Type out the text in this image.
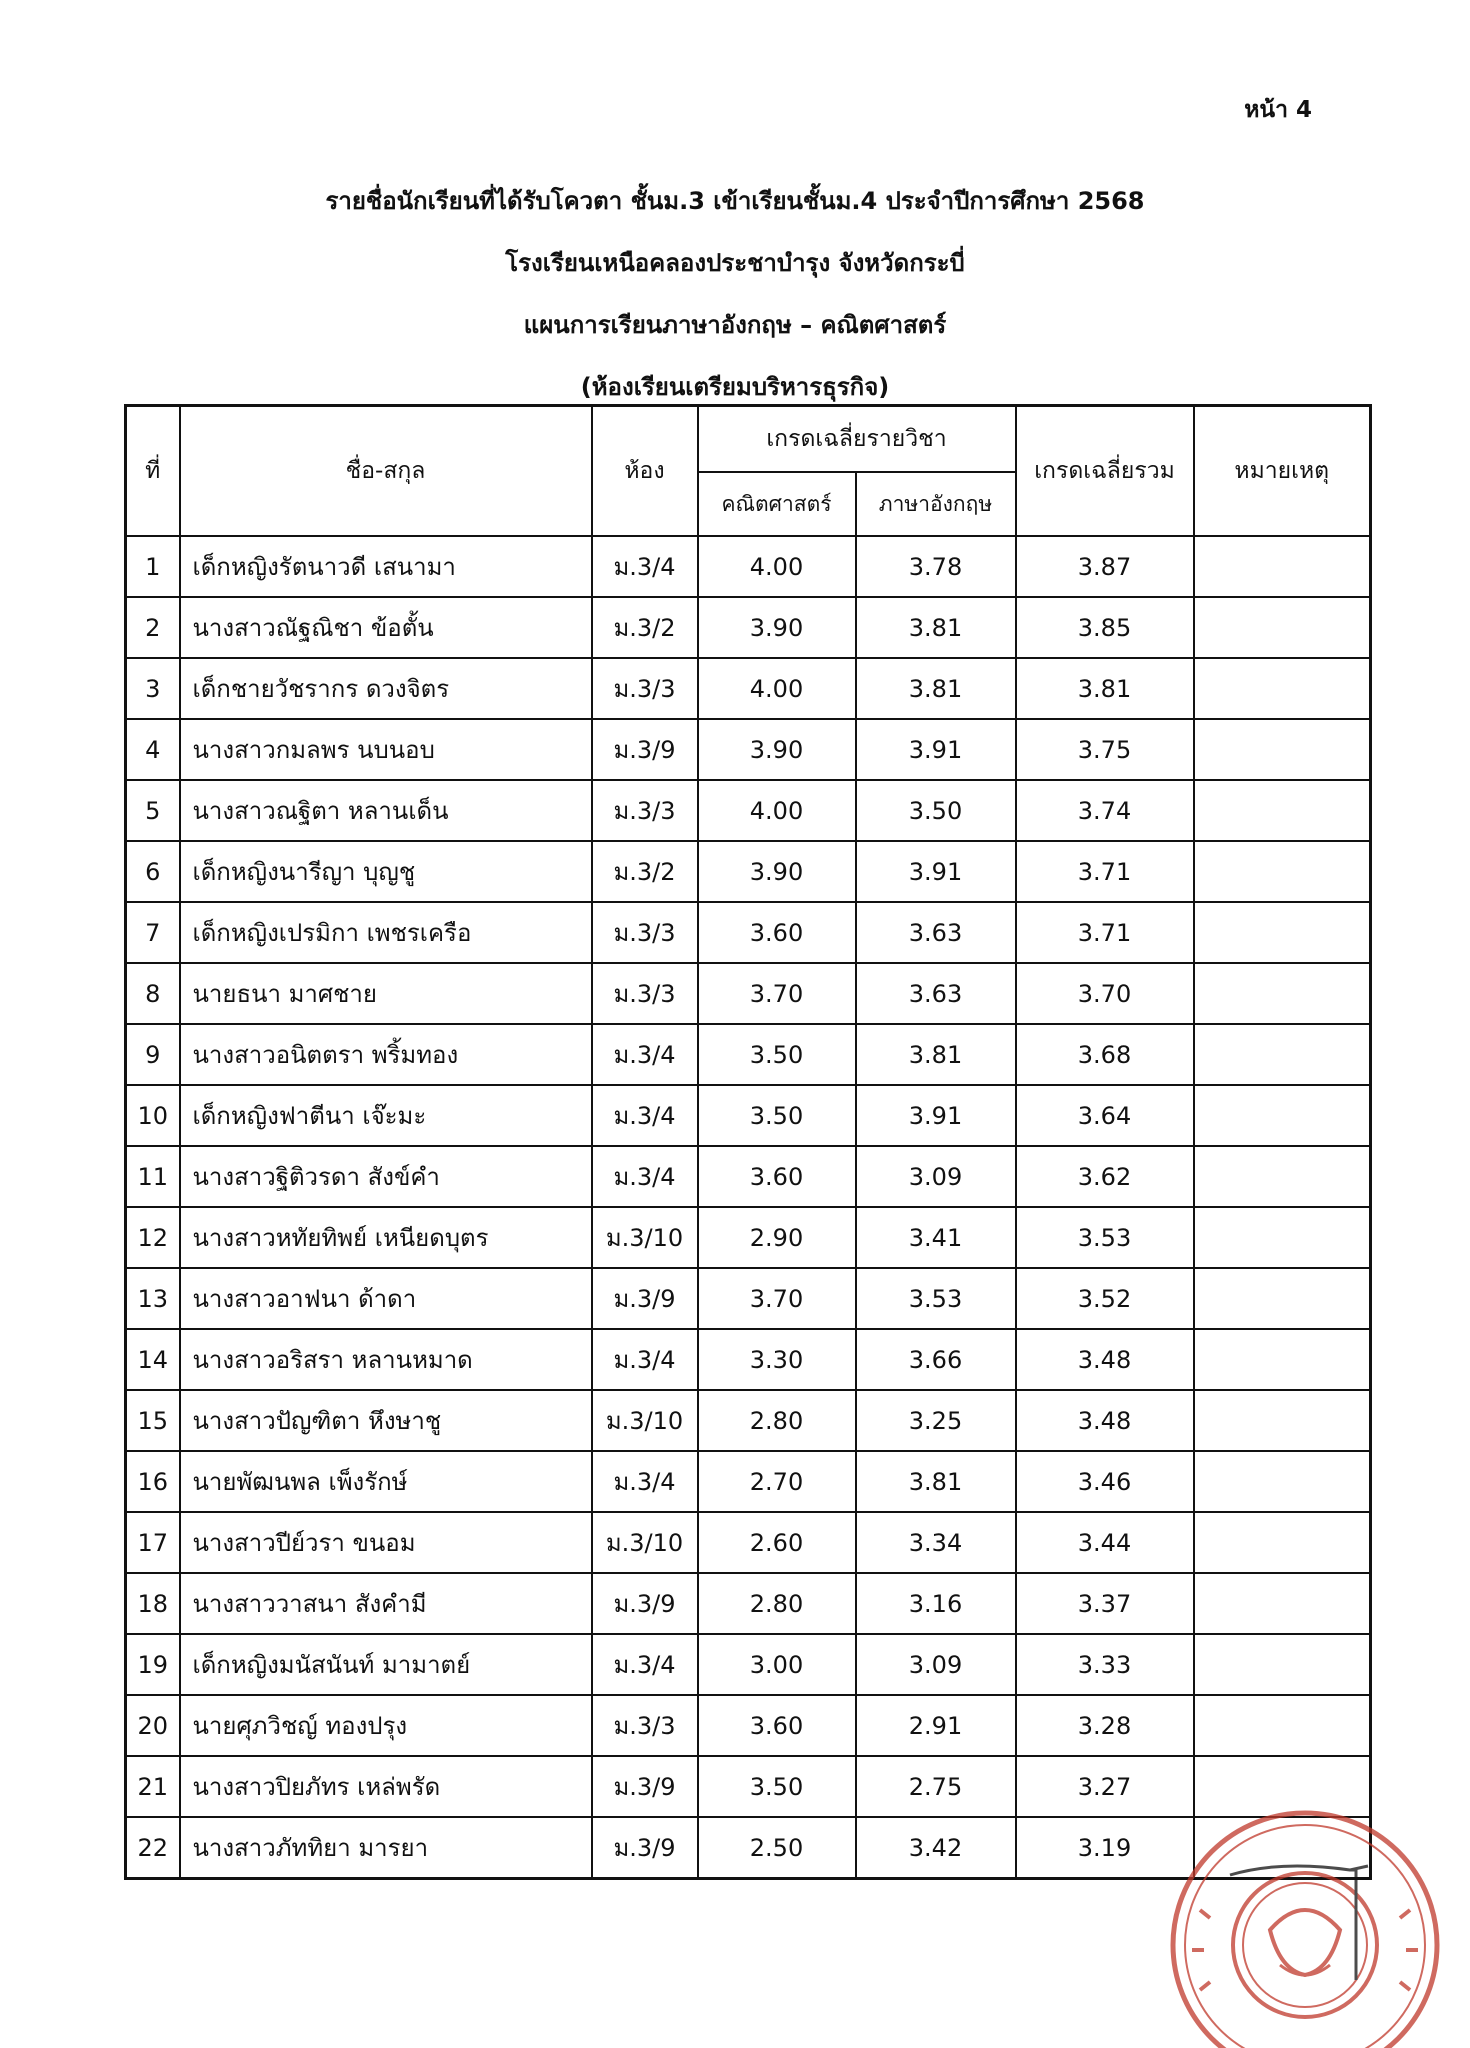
หน้า 4
รายชื่อนักเรียนที่ได้รับโควตา ชั้นม.3 เข้าเรียนชั้นม.4 ประจำปีการศึกษา 2568
โรงเรียนเหนือคลองประชาบำรุง จังหวัดกระบี่
แผนการเรียนภาษาอังกฤษ – คณิตศาสตร์
(ห้องเรียนเตรียมบริหารธุรกิจ)
ที่	ชื่อ-สกุล	ห้อง	เกรดเฉลี่ยรายวิชา		เกรดเฉลี่ยรวม	หมายเหตุ
			คณิตศาสตร์	ภาษาอังกฤษ		
1	เด็กหญิงรัตนาวดี เสนามา	ม.3/4	4.00	3.78	3.87	
2	นางสาวณัฐณิชา ข้อตั้น	ม.3/2	3.90	3.81	3.85	
3	เด็กชายวัชรากร ดวงจิตร	ม.3/3	4.00	3.81	3.81	
4	นางสาวกมลพร นบนอบ	ม.3/9	3.90	3.91	3.75	
5	นางสาวณฐิตา หลานเด็น	ม.3/3	4.00	3.50	3.74	
6	เด็กหญิงนารีญา บุญชู	ม.3/2	3.90	3.91	3.71	
7	เด็กหญิงเปรมิกา เพชรเครือ	ม.3/3	3.60	3.63	3.71	
8	นายธนา มาศชาย	ม.3/3	3.70	3.63	3.70	
9	นางสาวอนิตตรา พริ้มทอง	ม.3/4	3.50	3.81	3.68	
10	เด็กหญิงฟาตีนา เจ๊ะมะ	ม.3/4	3.50	3.91	3.64	
11	นางสาวฐิติวรดา สังข์คำ	ม.3/4	3.60	3.09	3.62	
12	นางสาวหทัยทิพย์ เหนียดบุตร	ม.3/10	2.90	3.41	3.53	
13	นางสาวอาฟนา ด้าดา	ม.3/9	3.70	3.53	3.52	
14	นางสาวอริสรา หลานหมาด	ม.3/4	3.30	3.66	3.48	
15	นางสาวปัญฑิตา หึงษาชู	ม.3/10	2.80	3.25	3.48	
16	นายพัฒนพล เพ็งรักษ์	ม.3/4	2.70	3.81	3.46	
17	นางสาวปีย์วรา ขนอม	ม.3/10	2.60	3.34	3.44	
18	นางสาววาสนา สังคำมี	ม.3/9	2.80	3.16	3.37	
19	เด็กหญิงมนัสนันท์ มามาตย์	ม.3/4	3.00	3.09	3.33	
20	นายศุภวิชญ์ ทองปรุง	ม.3/3	3.60	2.91	3.28	
21	นางสาวปิยภัทร เหล่พรัด	ม.3/9	3.50	2.75	3.27	
22	นางสาวภัททิยา มารยา	ม.3/9	2.50	3.42	3.19	
